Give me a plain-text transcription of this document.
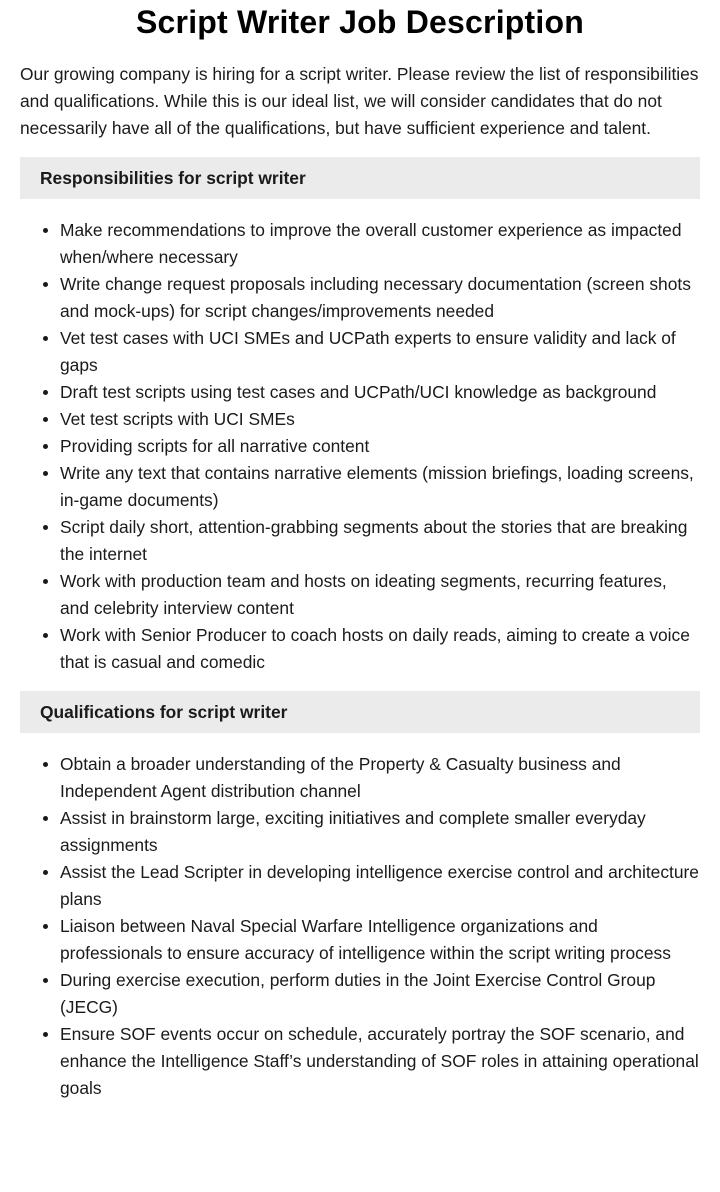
Script Writer Job Description

Our growing company is hiring for a script writer. Please review the list of responsibilities and qualifications. While this is our ideal list, we will consider candidates that do not necessarily have all of the qualifications, but have sufficient experience and talent.

Responsibilities for script writer
Make recommendations to improve the overall customer experience as impacted when/where necessary
Write change request proposals including necessary documentation (screen shots and mock-ups) for script changes/improvements needed
Vet test cases with UCI SMEs and UCPath experts to ensure validity and lack of gaps
Draft test scripts using test cases and UCPath/UCI knowledge as background
Vet test scripts with UCI SMEs
Providing scripts for all narrative content
Write any text that contains narrative elements (mission briefings, loading screens, in-game documents)
Script daily short, attention-grabbing segments about the stories that are breaking the internet
Work with production team and hosts on ideating segments, recurring features, and celebrity interview content
Work with Senior Producer to coach hosts on daily reads, aiming to create a voice that is casual and comedic
Qualifications for script writer
Obtain a broader understanding of the Property & Casualty business and Independent Agent distribution channel
Assist in brainstorm large, exciting initiatives and complete smaller everyday assignments
Assist the Lead Scripter in developing intelligence exercise control and architecture plans
Liaison between Naval Special Warfare Intelligence organizations and professionals to ensure accuracy of intelligence within the script writing process
During exercise execution, perform duties in the Joint Exercise Control Group (JECG)
Ensure SOF events occur on schedule, accurately portray the SOF scenario, and enhance the Intelligence Staff’s understanding of SOF roles in attaining operational goals
